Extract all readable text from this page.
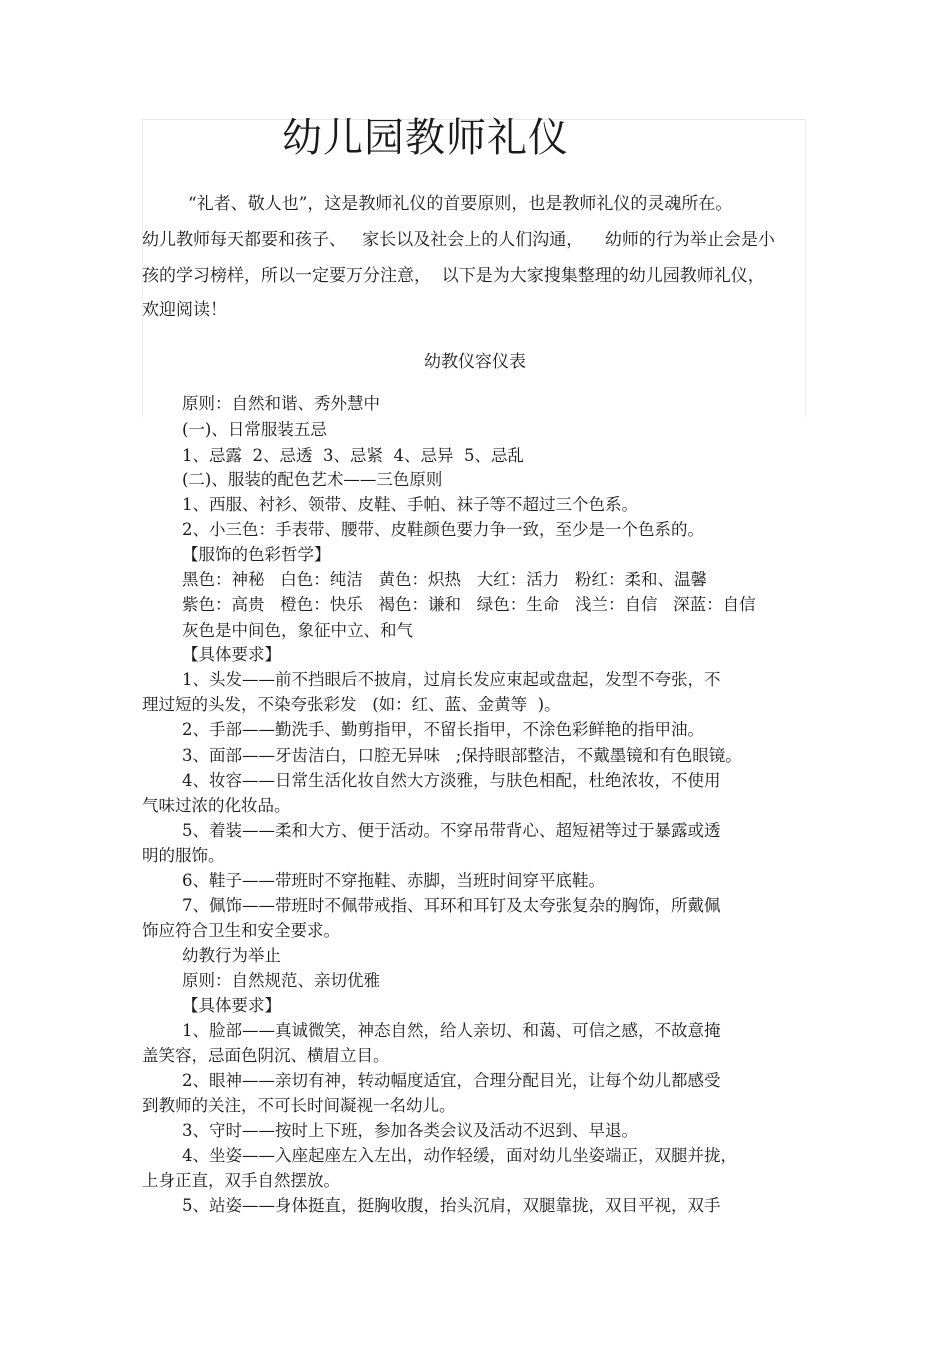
幼儿园教师礼仪
“礼者、敬人也”，这是教师礼仪的首要原则，也是教师礼仪的灵魂所在。
幼儿教师每天都要和孩子、   家长以及社会上的人们沟通，    幼师的行为举止会是小
孩的学习榜样，所以一定要万分注意，  以下是为大家搜集整理的幼儿园教师礼仪，
欢迎阅读！
幼教仪容仪表
原则：自然和谐、秀外慧中
(一)、日常服装五忌
1、忌露  2、忌透  3、忌紧  4、忌异  5、忌乱
(二)、服装的配色艺术——三色原则
1、西服、衬衫、领带、皮鞋、手帕、袜子等不超过三个色系。
2、小三色：手表带、腰带、皮鞋颜色要力争一致，至少是一个色系的。
【服饰的色彩哲学】
黑色：神秘   白色：纯洁   黄色：炽热   大红：活力   粉红：柔和、温馨
紫色：高贵   橙色：快乐   褐色：谦和   绿色：生命   浅兰：自信   深蓝：自信
灰色是中间色，象征中立、和气
【具体要求】
1、头发——前不挡眼后不披肩，过肩长发应束起或盘起，发型不夸张，不
理过短的头发，不染夸张彩发   (如：红、蓝、金黄等  )。
2、手部——勤洗手、勤剪指甲，不留长指甲，不涂色彩鲜艳的指甲油。
3、面部——牙齿洁白，口腔无异味   ;保持眼部整洁，不戴墨镜和有色眼镜。
4、妆容——日常生活化妆自然大方淡雅，与肤色相配，杜绝浓妆，不使用
气味过浓的化妆品。
5、着装——柔和大方、便于活动。不穿吊带背心、超短裙等过于暴露或透
明的服饰。
6、鞋子——带班时不穿拖鞋、赤脚，当班时间穿平底鞋。
7、佩饰——带班时不佩带戒指、耳环和耳钉及太夸张复杂的胸饰，所戴佩
饰应符合卫生和安全要求。
幼教行为举止
原则：自然规范、亲切优雅
【具体要求】
1、脸部——真诚微笑，神态自然，给人亲切、和蔼、可信之感，不故意掩
盖笑容，忌面色阴沉、横眉立目。
2、眼神——亲切有神，转动幅度适宜，合理分配目光，让每个幼儿都感受
到教师的关注，不可长时间凝视一名幼儿。
3、守时——按时上下班，参加各类会议及活动不迟到、早退。
4、坐姿——入座起座左入左出，动作轻缓，面对幼儿坐姿端正，双腿并拢，
上身正直，双手自然摆放。
5、站姿——身体挺直，挺胸收腹，抬头沉肩，双腿靠拢，双目平视，双手
